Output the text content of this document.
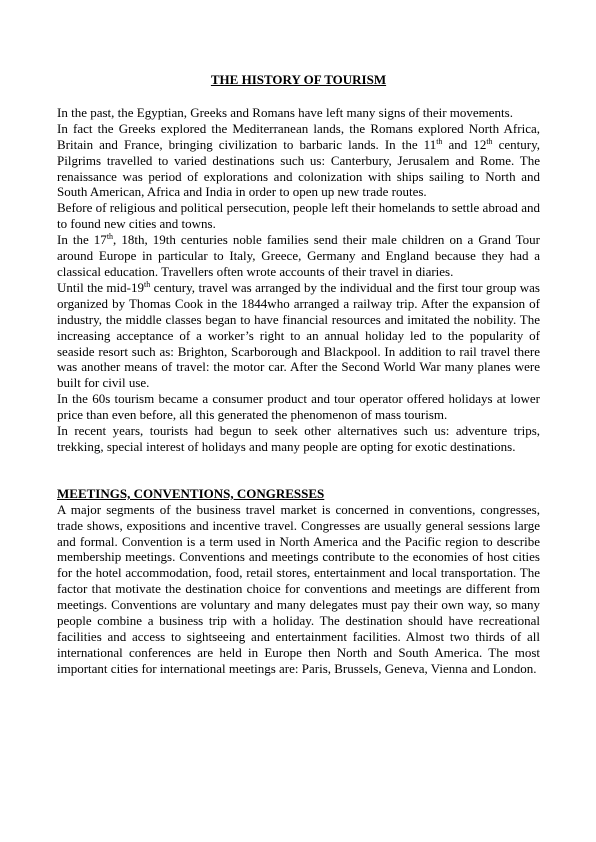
THE HISTORY OF TOURISM

In the past, the Egyptian, Greeks and Romans have left many signs of their movements.

In fact the Greeks explored the Mediterranean lands, the Romans explored North Africa, Britain and France, bringing civilization to barbaric lands. In the 11th and 12th century, Pilgrims travelled to varied destinations such us: Canterbury, Jerusalem and Rome. The renaissance was period of explorations and colonization with ships sailing to North and South American, Africa and India in order to open up new trade routes.

Before of religious and political persecution, people left their homelands to settle abroad and to found new cities and towns.

In the 17th, 18th, 19th centuries noble families send their male children on a Grand Tour around Europe in particular to Italy, Greece, Germany and England because they had a classical education. Travellers often wrote accounts of their travel in diaries.

Until the mid-19th century, travel was arranged by the individual and the first tour group was organized by Thomas Cook in the 1844who arranged a railway trip. After the expansion of industry, the middle classes began to have financial resources and imitated the nobility. The increasing acceptance of a worker’s right to an annual holiday led to the popularity of seaside resort such as: Brighton, Scarborough and Blackpool. In addition to rail travel there was another means of travel: the motor car. After the Second World War many planes were built for civil use.

In the 60s tourism became a consumer product and tour operator offered holidays at lower price than even before, all this generated the phenomenon of mass tourism.

In recent years, tourists had begun to seek other alternatives such us: adventure trips, trekking, special interest of holidays and many people are opting for exotic destinations.

MEETINGS, CONVENTIONS, CONGRESSES

A major segments of the business travel market is concerned in conventions, congresses, trade shows, expositions and incentive travel. Congresses are usually general sessions large and formal. Convention is a term used in North America and the Pacific region to describe membership meetings. Conventions and meetings contribute to the economies of host cities for the hotel accommodation, food, retail stores, entertainment and local transportation. The factor that motivate the destination choice for conventions and meetings are different from meetings. Conventions are voluntary and many delegates must pay their own way, so many people combine a business trip with a holiday. The destination should have recreational facilities and access to sightseeing and entertainment facilities. Almost two thirds of all international conferences are held in Europe then North and South America. The most important cities for international meetings are: Paris, Brussels, Geneva, Vienna and London.
